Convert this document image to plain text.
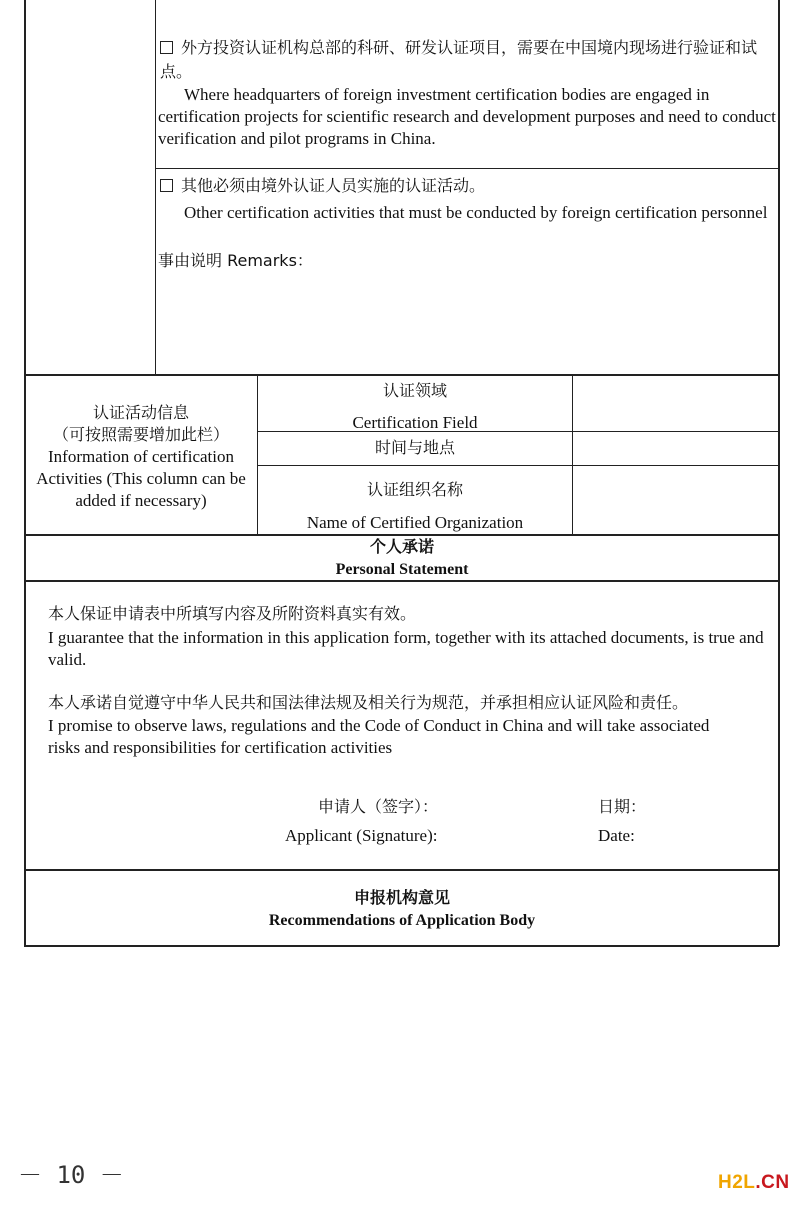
外方投资认证机构总部的科研、研发认证项目，需要在中国境内现场进行验证和试点。
Where headquarters of foreign investment certification bodies are engaged in certification projects for scientific research and development purposes and need to conduct verification and pilot programs in China.
其他必须由境外认证人员实施的认证活动。
Other certification activities that must be conducted by foreign certification personnel
事由说明 Remarks：
认证活动信息
（可按照需要增加此栏）
Information of certification Activities (This column can be added if necessary)
认证领域
Certification Field
时间与地点
认证组织名称
Name of Certified Organization
个人承诺
Personal Statement
本人保证申请表中所填写内容及所附资料真实有效。
I guarantee that the information in this application form, together with its attached documents, is true and valid.
本人承诺自觉遵守中华人民共和国法律法规及相关行为规范，并承担相应认证风险和责任。
I promise to observe laws, regulations and the Code of Conduct in China and will take associated risks and responsibilities for certification activities
申请人（签字）：
Applicant (Signature):
日期：
Date:
申报机构意见
Recommendations of Application Body
－ 10 －	H2L.CN
